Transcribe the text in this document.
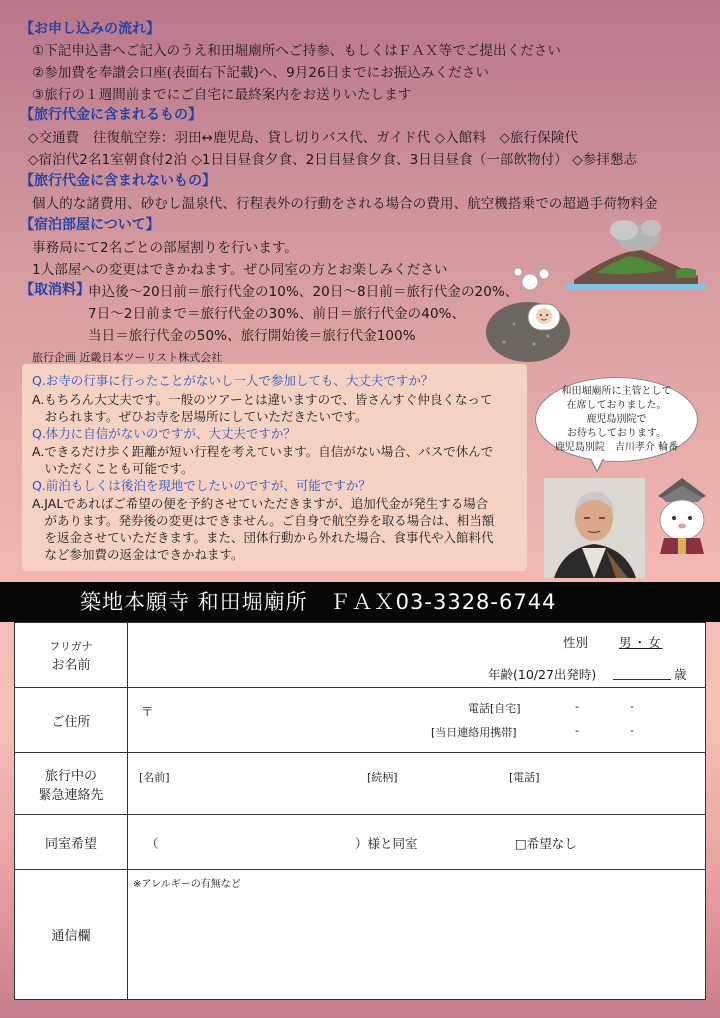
【お申し込みの流れ】
①下記申込書へご記入のうえ和田堀廟所へご持参、もしくはＦＡＸ等でご提出ください
②参加費を奉讃会口座(表面右下記載)へ、9月26日までにお振込みください
③旅行の１週間前までにご自宅に最終案内をお送りいたします
【旅行代金に含まれるもの】
◇交通費　往復航空券：羽田↔鹿児島、貸し切りバス代、ガイド代 ◇入館料　◇旅行保険代
◇宿泊代2名1室朝食付2泊 ◇1日目昼食夕食、2日目昼食夕食、3日目昼食（一部飲物付） ◇参拝懇志
【旅行代金に含まれないもの】
個人的な諸費用、砂むし温泉代、行程表外の行動をされる場合の費用、航空機搭乗での超過手荷物料金
【宿泊部屋について】
事務局にて2名ごとの部屋割りを行います。
1人部屋への変更はできかねます。ぜひ同室の方とお楽しみください
【取消料】
申込後～20日前＝旅行代金の10%、20日～8日前＝旅行代金の20%、
7日～2日前まで＝旅行代金の30%、前日＝旅行代金の40%、
当日＝旅行代金の50%、旅行開始後＝旅行代金100%
旅行企画 近畿日本ツーリスト株式会社
Q.お寺の行事に行ったことがないし一人で参加しても、大丈夫ですか？
A.もちろん大丈夫です。一般のツアーとは違いますので、皆さんすぐ仲良くなって
　おられます。ぜひお寺を居場所にしていただきたいです。
Q.体力に自信がないのですが、大丈夫ですか？
A.できるだけ歩く距離が短い行程を考えています。自信がない場合、バスで休んで
　いただくことも可能です。
Q.前泊もしくは後泊を現地でしたいのですが、可能ですか？
A.JALであればご希望の便を予約させていただきますが、追加代金が発生する場合
　があります。発券後の変更はできません。ご自身で航空券を取る場合は、相当額
　を返金させていただきます。また、団体行動から外れた場合、食事代や入館料代
　など参加費の返金はできかねます。
和田堀廟所に主管として
在席しておりました。
鹿児島別院で
お待ちしております。
鹿児島別院　吉川孝介 輪番
築地本願寺 和田堀廟所　ＦＡＸ03-3328-6744
フリガナ
お名前
性別 男・女
年齢(10/27出発時)	歳
ご住所
〒	電話[自宅]	-	-
[当日連絡用携帯]	-	-
旅行中の
緊急連絡先
[名前]	[続柄]	[電話]
同室希望	（	）様と同室	□希望なし
通信欄
※アレルギーの有無など
